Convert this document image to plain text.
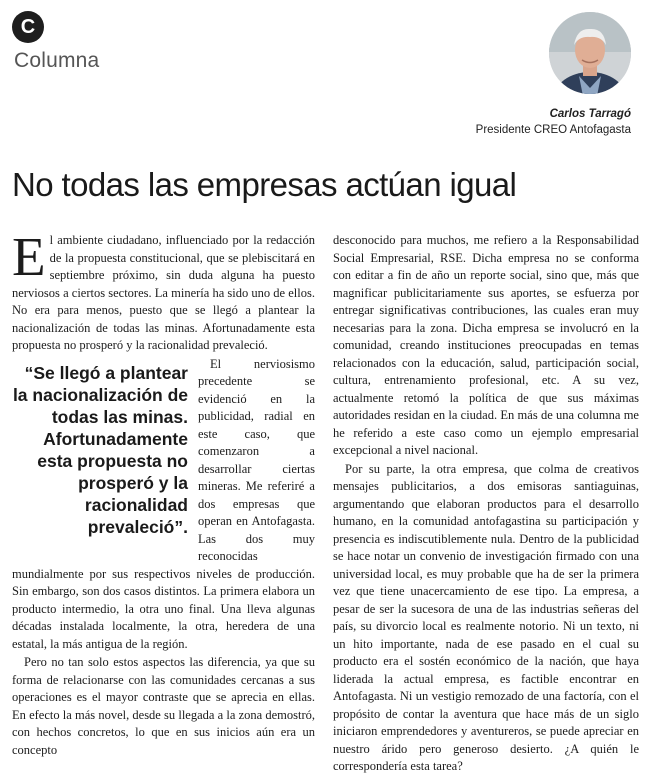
C
Columna
Carlos Tarragó
Presidente CREO Antofagasta
No todas las empresas actúan igual

El ambiente ciudadano, influenciado por la redacción de la propuesta constitucional, que se plebiscitará en septiembre próximo, sin duda alguna ha puesto nerviosos a ciertos sectores. La minería ha sido uno de ellos. No era para menos, puesto que se llegó a plantear la nacionalización de todas las minas. Afortunadamente esta propuesta no prosperó y la racionalidad prevaleció.

“Se llegó a plantear la nacionalización de todas las minas. Afortunadamente esta propuesta no prosperó y la racionalidad prevaleció”.
El nerviosismo precedente se evidenció en la publicidad, radial en este caso, que comenzaron a desarrollar ciertas mineras. Me referiré a dos empresas que operan en Antofagasta. Las dos muy reconocidas mundialmente por sus respectivos niveles de producción. Sin embargo, son dos casos distintos. La primera elabora un producto intermedio, la otra uno final. Una lleva algunas décadas instalada localmente, la otra, heredera de una estatal, la más antigua de la región.

Pero no tan solo estos aspectos las diferencia, ya que su forma de relacionarse con las comunidades cercanas a sus operaciones es el mayor contraste que se aprecia en ellas. En efecto la más novel, desde su llegada a la zona demostró, con hechos concretos, lo que en sus inicios aún era un concepto

desconocido para muchos, me refiero a la Responsabilidad Social Empresarial, RSE. Dicha empresa no se conforma con editar a fin de año un reporte social, sino que, más que magnificar publicitariamente sus aportes, se esfuerza por entregar significativas contribuciones, las cuales eran muy necesarias para la zona. Dicha empresa se involucró en la comunidad, creando instituciones preocupadas en temas relacionados con la educación, salud, participación social, cultura, entrenamiento profesional, etc. A su vez, actualmente retomó la política de que sus máximas autoridades residan en la ciudad. En más de una columna me he referido a este caso como un ejemplo empresarial excepcional a nivel nacional.

Por su parte, la otra empresa, que colma de creativos mensajes publicitarios, a dos emisoras santiaguinas, argumentando que elaboran productos para el desarrollo humano, en la comunidad antofagastina su participación y presencia es indiscutiblemente nula. Dentro de la publicidad se hace notar un convenio de investigación firmado con una universidad local, es muy probable que ha de ser la primera vez que tiene unacercamiento de ese tipo. La empresa, a pesar de ser la sucesora de una de las industrias señeras del país, su divorcio local es realmente notorio. Ni un texto, ni un hito importante, nada de ese pasado en el cual su producto era el sostén económico de la nación, que haya liderada la actual empresa, es factible encontrar en Antofagasta. Ni un vestigio remozado de una factoría, con el propósito de contar la aventura que hace más de un siglo iniciaron emprendedores y aventureros, se puede apreciar en nuestro árido pero generoso desierto. ¿A quién le correspondería esta tarea?
